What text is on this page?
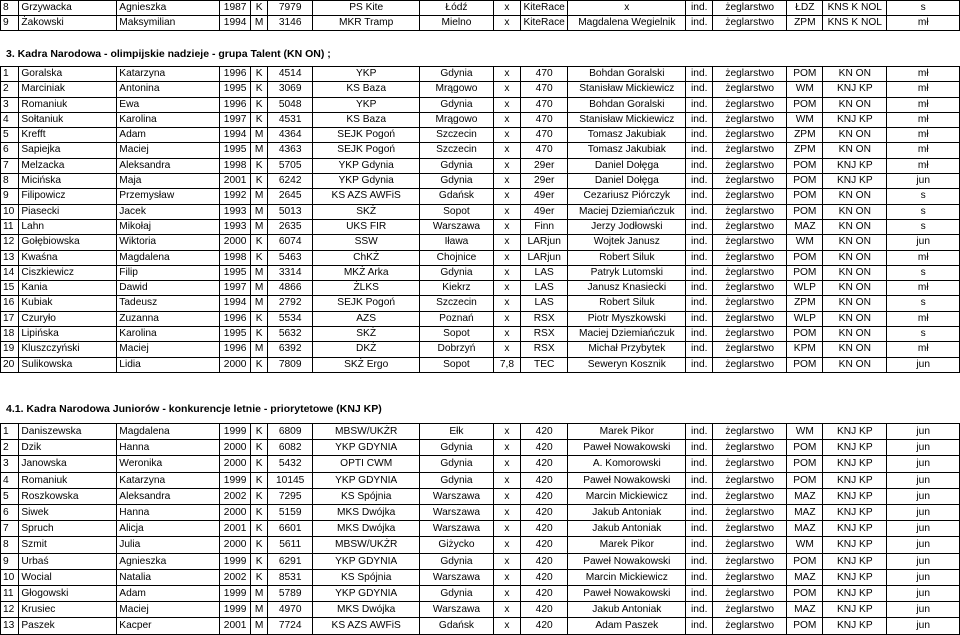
8	Grzywacka	Agnieszka	1987	K	7979	PS Kite	Łódź	x	KiteRace	x	ind.	żeglarstwo	ŁDZ	KNS K NOL	s
9	Żakowski	Maksymilian	1994	M	3146	MKR Tramp	Mielno	x	KiteRace	Magdalena Wegielnik	ind.	żeglarstwo	ZPM	KNS K NOL	mł
3. Kadra Narodowa - olimpijskie nadzieje - grupa Talent (KN ON) ;
1	Goralska	Katarzyna	1996	K	4514	YKP	Gdynia	x	470	Bohdan Goralski	ind.	żeglarstwo	POM	KN ON	mł
2	Marciniak	Antonina	1995	K	3069	KS Baza	Mrągowo	x	470	Stanisław Mickiewicz	ind.	żeglarstwo	WM	KNJ KP	mł
3	Romaniuk	Ewa	1996	K	5048	YKP	Gdynia	x	470	Bohdan Goralski	ind.	żeglarstwo	POM	KN ON	mł
4	Sołtaniuk	Karolina	1997	K	4531	KS Baza	Mrągowo	x	470	Stanisław Mickiewicz	ind.	żeglarstwo	WM	KNJ KP	mł
5	Krefft	Adam	1994	M	4364	SEJK Pogoń	Szczecin	x	470	Tomasz Jakubiak	ind.	żeglarstwo	ZPM	KN ON	mł
6	Sapiejka	Maciej	1995	M	4363	SEJK Pogoń	Szczecin	x	470	Tomasz Jakubiak	ind.	żeglarstwo	ZPM	KN ON	mł
7	Melzacka	Aleksandra	1998	K	5705	YKP Gdynia	Gdynia	x	29er	Daniel Dołęga	ind.	żeglarstwo	POM	KNJ KP	mł
8	Micińska	Maja	2001	K	6242	YKP Gdynia	Gdynia	x	29er	Daniel Dołęga	ind.	żeglarstwo	POM	KNJ KP	jun
9	Filipowicz	Przemysław	1992	M	2645	KS AZS AWFiS	Gdańsk	x	49er	Cezariusz Piórczyk	ind.	żeglarstwo	POM	KN ON	s
10	Piasecki	Jacek	1993	M	5013	SKŻ	Sopot	x	49er	Maciej Dziemiańczuk	ind.	żeglarstwo	POM	KN ON	s
11	Lahn	Mikołaj	1993	M	2635	UKS FIR	Warszawa	x	Finn	Jerzy Jodłowski	ind.	żeglarstwo	MAZ	KN ON	s
12	Gołębiowska	Wiktoria	2000	K	6074	SSW	Iława	x	LARjun	Wojtek Janusz	ind.	żeglarstwo	WM	KN ON	jun
13	Kwaśna	Magdalena	1998	K	5463	ChKŻ	Chojnice	x	LARjun	Robert Siluk	ind.	żeglarstwo	POM	KN ON	mł
14	Ciszkiewicz	Filip	1995	M	3314	MKŻ Arka	Gdynia	x	LAS	Patryk Lutomski	ind.	żeglarstwo	POM	KN ON	s
15	Kania	Dawid	1997	M	4866	ŻLKS	Kiekrz	x	LAS	Janusz Knasiecki	ind.	żeglarstwo	WLP	KN ON	mł
16	Kubiak	Tadeusz	1994	M	2792	SEJK Pogoń	Szczecin	x	LAS	Robert Siluk	ind.	żeglarstwo	ZPM	KN ON	s
17	Czuryło	Zuzanna	1996	K	5534	AZS	Poznań	x	RSX	Piotr Myszkowski	ind.	żeglarstwo	WLP	KN ON	mł
18	Lipińska	Karolina	1995	K	5632	SKŻ	Sopot	x	RSX	Maciej Dziemiańczuk	ind.	żeglarstwo	POM	KN ON	s
19	Kluszczyński	Maciej	1996	M	6392	DKŻ	Dobrzyń	x	RSX	Michał Przybytek	ind.	żeglarstwo	KPM	KN ON	mł
20	Sulikowska	Lidia	2000	K	7809	SKŻ Ergo	Sopot	7,8	TEC	Seweryn Kosznik	ind.	żeglarstwo	POM	KN ON	jun
4.1. Kadra Narodowa Juniorów - konkurencje letnie - priorytetowe (KNJ KP)
1	Daniszewska	Magdalena	1999	K	6809	MBSW/UKŻR	Ełk	x	420	Marek Pikor	ind.	żeglarstwo	WM	KNJ KP	jun
2	Dzik	Hanna	2000	K	6082	YKP GDYNIA	Gdynia	x	420	Paweł Nowakowski	ind.	żeglarstwo	POM	KNJ KP	jun
3	Janowska	Weronika	2000	K	5432	OPTI CWM	Gdynia	x	420	A. Komorowski	ind.	żeglarstwo	POM	KNJ KP	jun
4	Romaniuk	Katarzyna	1999	K	10145	YKP GDYNIA	Gdynia	x	420	Paweł Nowakowski	ind.	żeglarstwo	POM	KNJ KP	jun
5	Roszkowska	Aleksandra	2002	K	7295	KS Spójnia	Warszawa	x	420	Marcin Mickiewicz	ind.	żeglarstwo	MAZ	KNJ KP	jun
6	Siwek	Hanna	2000	K	5159	MKS Dwójka	Warszawa	x	420	Jakub Antoniak	ind.	żeglarstwo	MAZ	KNJ KP	jun
7	Spruch	Alicja	2001	K	6601	MKS Dwójka	Warszawa	x	420	Jakub Antoniak	ind.	żeglarstwo	MAZ	KNJ KP	jun
8	Szmit	Julia	2000	K	5611	MBSW/UKŻR	Giżycko	x	420	Marek Pikor	ind.	żeglarstwo	WM	KNJ KP	jun
9	Urbaś	Agnieszka	1999	K	6291	YKP GDYNIA	Gdynia	x	420	Paweł Nowakowski	ind.	żeglarstwo	POM	KNJ KP	jun
10	Wocial	Natalia	2002	K	8531	KS Spójnia	Warszawa	x	420	Marcin Mickiewicz	ind.	żeglarstwo	MAZ	KNJ KP	jun
11	Głogowski	Adam	1999	M	5789	YKP GDYNIA	Gdynia	x	420	Paweł Nowakowski	ind.	żeglarstwo	POM	KNJ KP	jun
12	Krusiec	Maciej	1999	M	4970	MKS Dwójka	Warszawa	x	420	Jakub Antoniak	ind.	żeglarstwo	MAZ	KNJ KP	jun
13	Paszek	Kacper	2001	M	7724	KS AZS AWFiS	Gdańsk	x	420	Adam Paszek	ind.	żeglarstwo	POM	KNJ KP	jun
